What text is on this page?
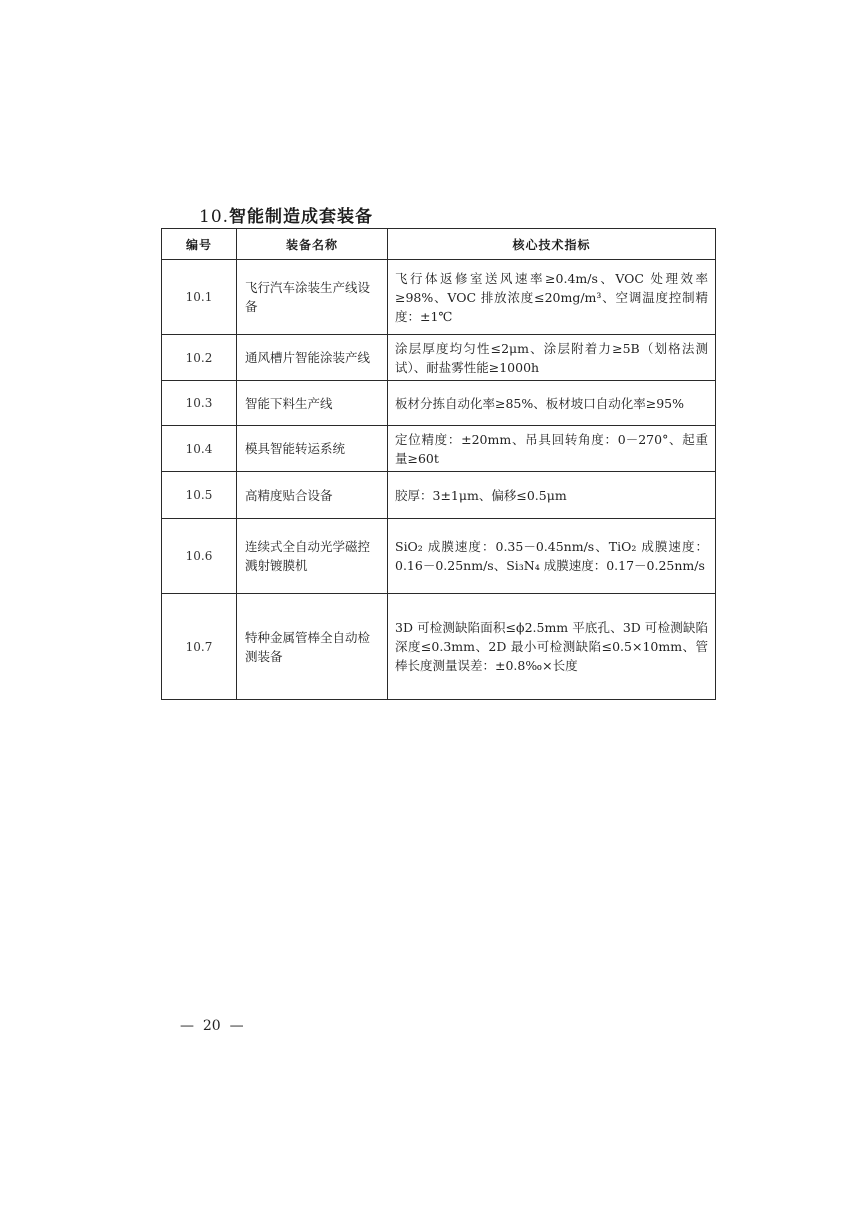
10.智能制造成套装备
编号	装备名称	核心技术指标
10.1	飞行汽车涂装生产线设备	飞行体返修室送风速率≥0.4m/s、VOC 处理效率≥98%、VOC 排放浓度≤20mg/m³、空调温度控制精度：±1℃
10.2	通风槽片智能涂装产线	涂层厚度均匀性≤2μm、涂层附着力≥5B（划格法测试）、耐盐雾性能≥1000h
10.3	智能下料生产线	板材分拣自动化率≥85%、板材坡口自动化率≥95%
10.4	模具智能转运系统	定位精度：±20mm、吊具回转角度：0－270°、起重量≥60t
10.5	高精度贴合设备	胶厚：3±1μm、偏移≤0.5μm
10.6	连续式全自动光学磁控溅射镀膜机	SiO₂ 成膜速度：0.35－0.45nm/s、TiO₂ 成膜速度：0.16－0.25nm/s、Si₃N₄ 成膜速度：0.17－0.25nm/s
10.7	特种金属管棒全自动检测装备	3D 可检测缺陷面积≤ϕ2.5mm 平底孔、3D 可检测缺陷深度≤0.3mm、2D 最小可检测缺陷≤0.5×10mm、管棒长度测量误差：±0.8‰×长度
—  20  —
